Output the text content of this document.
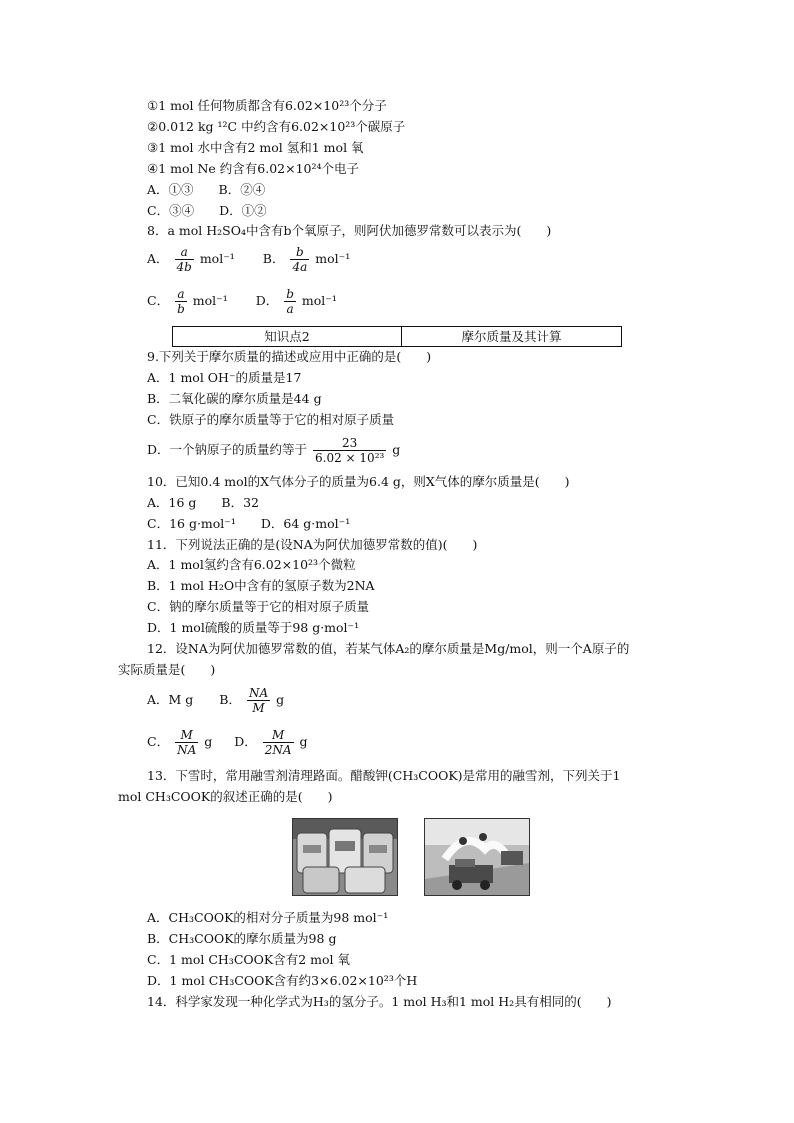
①1 mol 任何物质都含有6.02×10²³个分子
②0.012 kg ¹²C 中约含有6.02×10²³个碳原子
③1 mol 水中含有2 mol 氢和1 mol 氧
④1 mol Ne 约含有6.02×10²⁴个电子
A．①③　　B．②④
C．③④　　D．①②
8．a mol H₂SO₄中含有b个氧原子，则阿伏加德罗常数可以表示为(　　)
A． $\frac{a}{4b} mol^{-1}$ B． $\frac{b}{4a} mol^{-1}$
C． $\frac{a}{b} mol^{-1}$ D． $\frac{b}{a} mol^{-1}$
知识点2	摩尔质量及其计算
9.下列关于摩尔质量的描述或应用中正确的是(　　)
A．1 mol OH⁻的质量是17
B．二氧化碳的摩尔质量是44 g
C．铁原子的摩尔质量等于它的相对原子质量
D．一个钠原子的质量约等于 $\frac{23}{\text{6.02 × 10²³}}$ g
10．已知0.4 mol的X气体分子的质量为6.4 g，则X气体的摩尔质量是(　　)
A．16 g　　B．32
C．16 g·mol⁻¹　　D．64 g·mol⁻¹
11．下列说法正确的是(设NA为阿伏加德罗常数的值)(　　)
A．1 mol氢约含有6.02×10²³个微粒
B．1 mol H₂O中含有的氢原子数为2NA
C．钠的摩尔质量等于它的相对原子质量
D．1 mol硫酸的质量等于98 g·mol⁻¹
12．设NA为阿伏加德罗常数的值，若某气体A₂的摩尔质量是Mg/mol，则一个A原子的
实际质量是(　　)
A．M g B． $\frac{NA}{M}$ g
C． $\frac{M}{NA}$ g D． $\frac{M}{2NA}$ g
13．下雪时，常用融雪剂清理路面。醋酸钾(CH₃COOK)是常用的融雪剂，下列关于1
mol CH₃COOK的叙述正确的是(　　)
A．CH₃COOK的相对分子质量为98 mol⁻¹
B．CH₃COOK的摩尔质量为98 g
C．1 mol CH₃COOK含有2 mol 氧
D．1 mol CH₃COOK含有约3×6.02×10²³个H
14．科学家发现一种化学式为H₃的氢分子。1 mol H₃和1 mol H₂具有相同的(　　)
